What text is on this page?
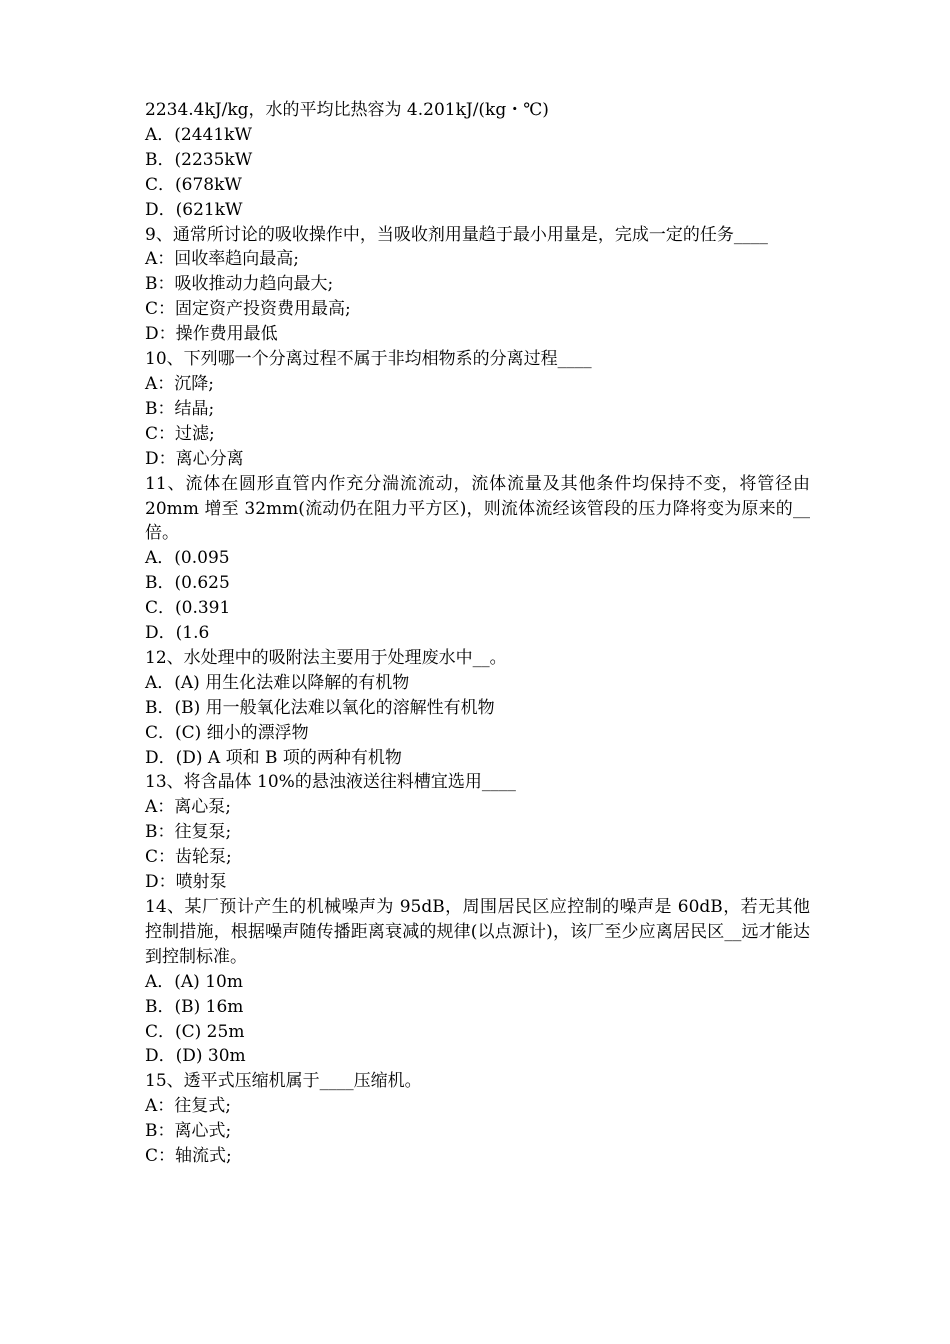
2234.4kJ/kg，水的平均比热容为 4.201kJ/(kg・℃)

A．(2441kW

B．(2235kW

C．(678kW

D．(621kW

9、通常所讨论的吸收操作中，当吸收剂用量趋于最小用量是，完成一定的任务____

A：回收率趋向最高;

B：吸收推动力趋向最大;

C：固定资产投资费用最高;

D：操作费用最低

10、下列哪一个分离过程不属于非均相物系的分离过程____

A：沉降;

B：结晶;

C：过滤;

D：离心分离

11、流体在圆形直管内作充分湍流流动，流体流量及其他条件均保持不变，将管径由 20mm 增至 32mm(流动仍在阻力平方区)，则流体流经该管段的压力降将变为原来的__倍。

A．(0.095

B．(0.625

C．(0.391

D．(1.6

12、水处理中的吸附法主要用于处理废水中__。

A．(A) 用生化法难以降解的有机物

B．(B) 用一般氧化法难以氧化的溶解性有机物

C．(C) 细小的漂浮物

D．(D) A 项和 B 项的两种有机物

13、将含晶体 10%的悬浊液送往料槽宜选用____

A：离心泵;

B：往复泵;

C：齿轮泵;

D：喷射泵

14、某厂预计产生的机械噪声为 95dB，周围居民区应控制的噪声是 60dB，若无其他控制措施，根据噪声随传播距离衰减的规律(以点源计)，该厂至少应离居民区__远才能达到控制标准。

A．(A) 10m

B．(B) 16m

C．(C) 25m

D．(D) 30m

15、透平式压缩机属于____压缩机。

A：往复式;

B：离心式;

C：轴流式;
